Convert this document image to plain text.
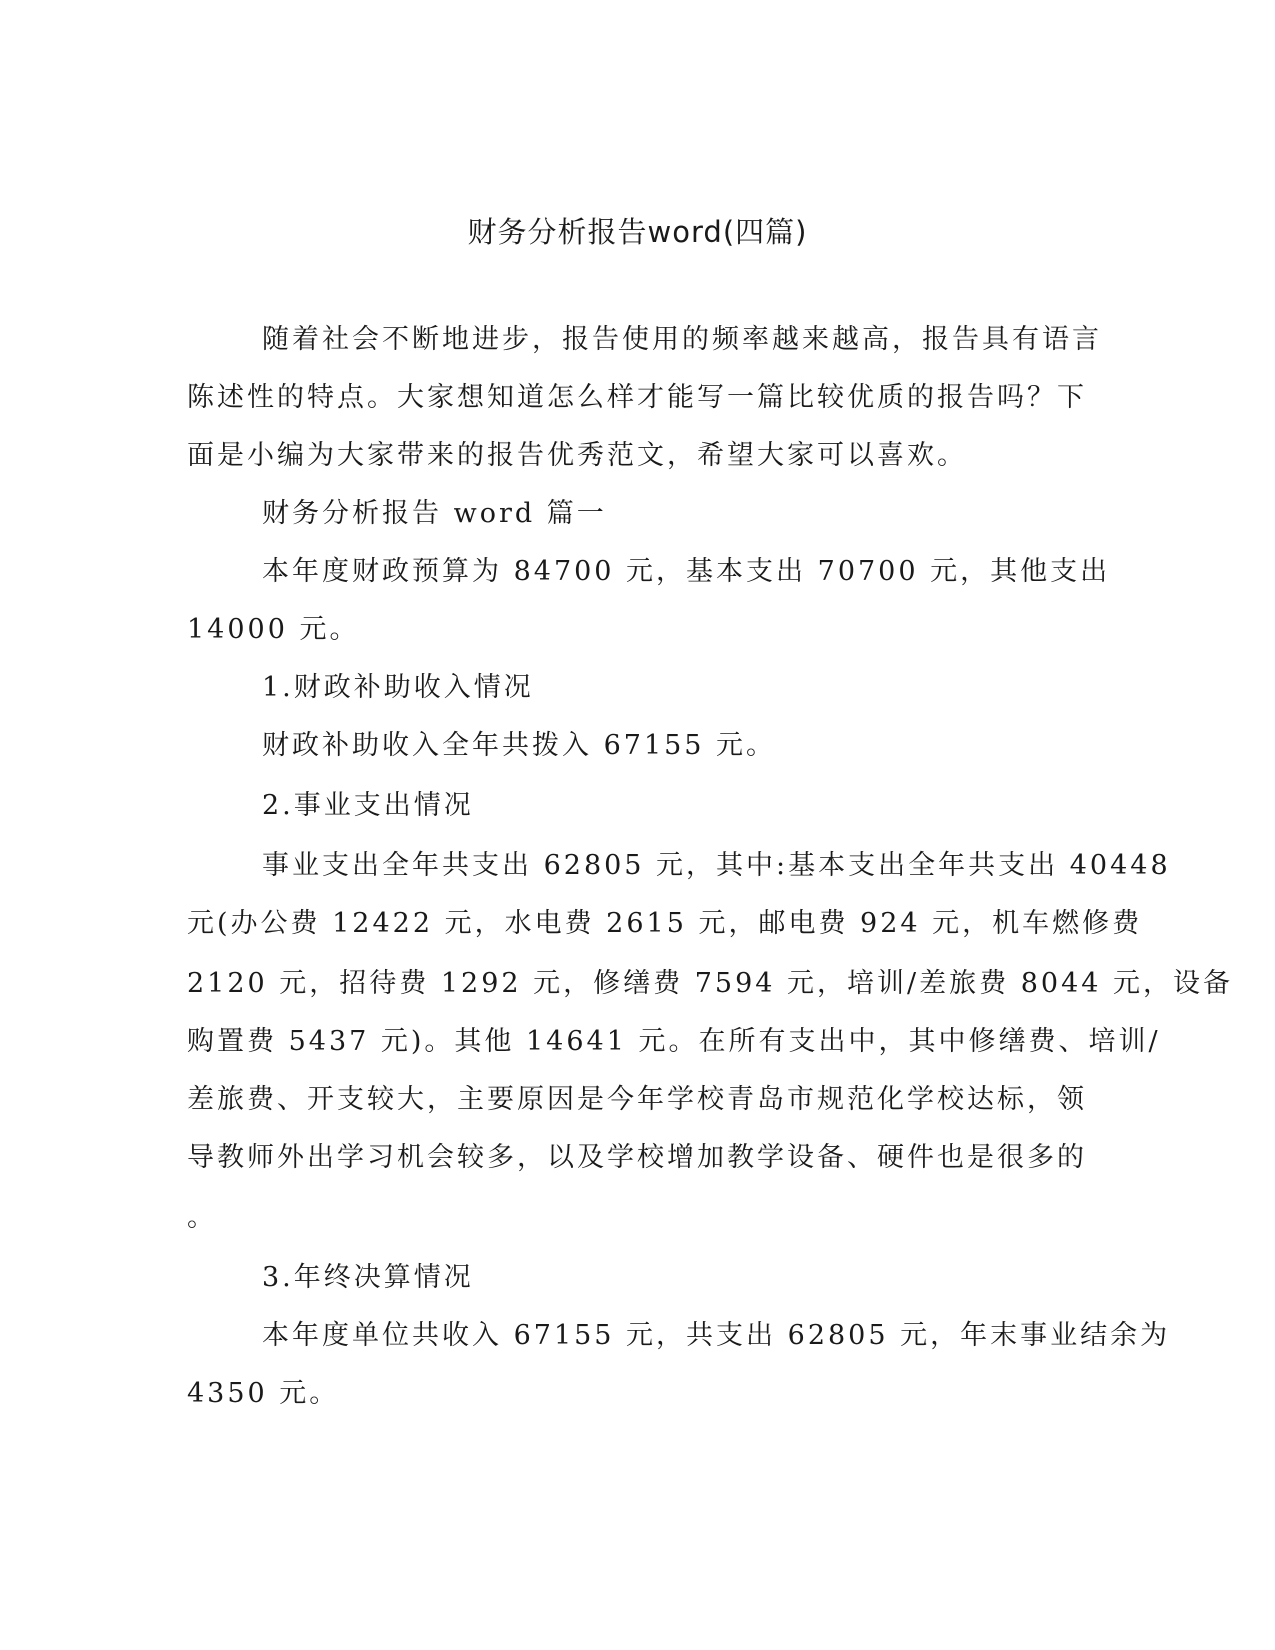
财务分析报告word(四篇)

随着社会不断地进步，报告使用的频率越来越高，报告具有语言

陈述性的特点。大家想知道怎么样才能写一篇比较优质的报告吗？下

面是小编为大家带来的报告优秀范文，希望大家可以喜欢。

财务分析报告 word 篇一

本年度财政预算为 84700 元，基本支出 70700 元，其他支出

14000 元。

1.财政补助收入情况

财政补助收入全年共拨入 67155 元。

2.事业支出情况

事业支出全年共支出 62805 元，其中:基本支出全年共支出 40448

元(办公费 12422 元，水电费 2615 元，邮电费 924 元，机车燃修费

2120 元，招待费 1292 元，修缮费 7594 元，培训/差旅费 8044 元，设备

购置费 5437 元)。其他 14641 元。在所有支出中，其中修缮费、培训/

差旅费、开支较大，主要原因是今年学校青岛市规范化学校达标，领

导教师外出学习机会较多，以及学校增加教学设备、硬件也是很多的

。

3.年终决算情况

本年度单位共收入 67155 元，共支出 62805 元，年末事业结余为

4350 元。
